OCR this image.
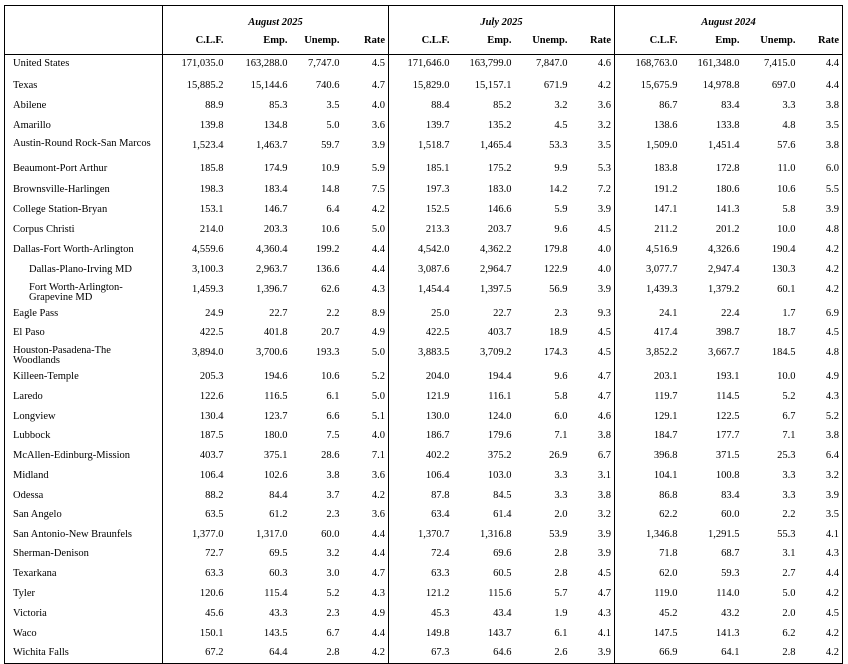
	August 2025				July 2025				August 2024			
	C.L.F.	Emp.	Unemp.	Rate	C.L.F.	Emp.	Unemp.	Rate	C.L.F.	Emp.	Unemp.	Rate
United States	171,035.0	163,288.0	7,747.0	4.5	171,646.0	163,799.0	7,847.0	4.6	168,763.0	161,348.0	7,415.0	4.4
Texas	15,885.2	15,144.6	740.6	4.7	15,829.0	15,157.1	671.9	4.2	15,675.9	14,978.8	697.0	4.4
Abilene	88.9	85.3	3.5	4.0	88.4	85.2	3.2	3.6	86.7	83.4	3.3	3.8
Amarillo	139.8	134.8	5.0	3.6	139.7	135.2	4.5	3.2	138.6	133.8	4.8	3.5
Austin-Round Rock-San Marcos	1,523.4	1,463.7	59.7	3.9	1,518.7	1,465.4	53.3	3.5	1,509.0	1,451.4	57.6	3.8
Beaumont-Port Arthur	185.8	174.9	10.9	5.9	185.1	175.2	9.9	5.3	183.8	172.8	11.0	6.0
Brownsville-Harlingen	198.3	183.4	14.8	7.5	197.3	183.0	14.2	7.2	191.2	180.6	10.6	5.5
College Station-Bryan	153.1	146.7	6.4	4.2	152.5	146.6	5.9	3.9	147.1	141.3	5.8	3.9
Corpus Christi	214.0	203.3	10.6	5.0	213.3	203.7	9.6	4.5	211.2	201.2	10.0	4.8
Dallas-Fort Worth-Arlington	4,559.6	4,360.4	199.2	4.4	4,542.0	4,362.2	179.8	4.0	4,516.9	4,326.6	190.4	4.2
Dallas-Plano-Irving MD	3,100.3	2,963.7	136.6	4.4	3,087.6	2,964.7	122.9	4.0	3,077.7	2,947.4	130.3	4.2
Fort Worth-Arlington-Grapevine MD	1,459.3	1,396.7	62.6	4.3	1,454.4	1,397.5	56.9	3.9	1,439.3	1,379.2	60.1	4.2
Eagle Pass	24.9	22.7	2.2	8.9	25.0	22.7	2.3	9.3	24.1	22.4	1.7	6.9
El Paso	422.5	401.8	20.7	4.9	422.5	403.7	18.9	4.5	417.4	398.7	18.7	4.5
Houston-Pasadena-The Woodlands	3,894.0	3,700.6	193.3	5.0	3,883.5	3,709.2	174.3	4.5	3,852.2	3,667.7	184.5	4.8
Killeen-Temple	205.3	194.6	10.6	5.2	204.0	194.4	9.6	4.7	203.1	193.1	10.0	4.9
Laredo	122.6	116.5	6.1	5.0	121.9	116.1	5.8	4.7	119.7	114.5	5.2	4.3
Longview	130.4	123.7	6.6	5.1	130.0	124.0	6.0	4.6	129.1	122.5	6.7	5.2
Lubbock	187.5	180.0	7.5	4.0	186.7	179.6	7.1	3.8	184.7	177.7	7.1	3.8
McAllen-Edinburg-Mission	403.7	375.1	28.6	7.1	402.2	375.2	26.9	6.7	396.8	371.5	25.3	6.4
Midland	106.4	102.6	3.8	3.6	106.4	103.0	3.3	3.1	104.1	100.8	3.3	3.2
Odessa	88.2	84.4	3.7	4.2	87.8	84.5	3.3	3.8	86.8	83.4	3.3	3.9
San Angelo	63.5	61.2	2.3	3.6	63.4	61.4	2.0	3.2	62.2	60.0	2.2	3.5
San Antonio-New Braunfels	1,377.0	1,317.0	60.0	4.4	1,370.7	1,316.8	53.9	3.9	1,346.8	1,291.5	55.3	4.1
Sherman-Denison	72.7	69.5	3.2	4.4	72.4	69.6	2.8	3.9	71.8	68.7	3.1	4.3
Texarkana	63.3	60.3	3.0	4.7	63.3	60.5	2.8	4.5	62.0	59.3	2.7	4.4
Tyler	120.6	115.4	5.2	4.3	121.2	115.6	5.7	4.7	119.0	114.0	5.0	4.2
Victoria	45.6	43.3	2.3	4.9	45.3	43.4	1.9	4.3	45.2	43.2	2.0	4.5
Waco	150.1	143.5	6.7	4.4	149.8	143.7	6.1	4.1	147.5	141.3	6.2	4.2
Wichita Falls	67.2	64.4	2.8	4.2	67.3	64.6	2.6	3.9	66.9	64.1	2.8	4.2
